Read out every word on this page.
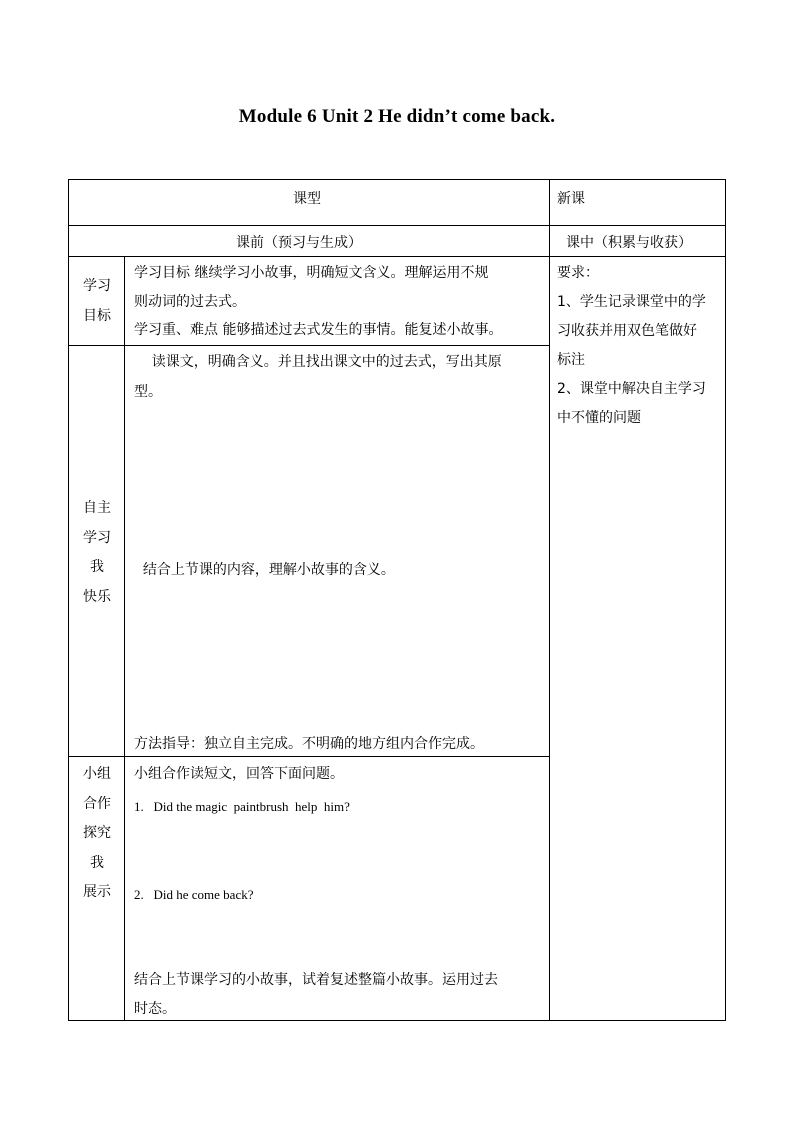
Module 6 Unit 2 He didn’t come back.
课型	新课
课前（预习与生成）	课中（积累与收获）
学习
目标
学习目标 继续学习小故事，明确短文含义。理解运用不规
则动词的过去式。
学习重、难点 能够描述过去式发生的事情。能复述小故事。
要求：
1、学生记录课堂中的学
习收获并用双色笔做好
标注
2、课堂中解决自主学习
中不懂的问题
自主
学习
我
快乐
读课文，明确含义。并且找出课文中的过去式，写出其原
型。
结合上节课的内容，理解小故事的含义。
方法指导：独立自主完成。不明确的地方组内合作完成。
小组
合作
探究
我
展示
小组合作读短文，回答下面问题。
1.   Did the magic  paintbrush  help  him?
2.   Did he come back?
结合上节课学习的小故事，试着复述整篇小故事。运用过去
时态。
